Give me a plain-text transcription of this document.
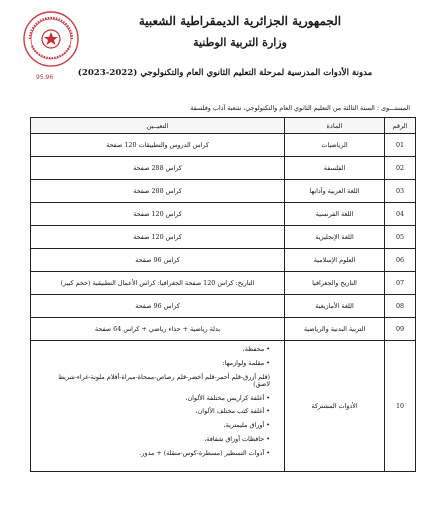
95.96
الجمهورية الجزائرية الديمقراطية الشعبية
وزارة التربية الوطنية
مدونة الأدوات المدرسية لمرحلة التعليم الثانوي العام والتكنولوجي (2022-2023)
المستـــوى : السنة الثالثة من التعليم الثانوي العام والتكنولوجي، شعبة آداب وفلسفة
الرقم
المادة
التعيــين
01
الرياضيات
كراس الدروس والتطبيقات 120 صفحة
02
الفلسفة
كراس 288 صفحة
03
اللغة العربية وآدابها
كراس 288 صفحة
04
اللغة الفرنسية
كراس 120 صفحة
05
اللغة الإنجليزية
كراس 120 صفحة
06
العلوم الإسلامية
كراس 96 صفحة
07
التاريخ والجغرافيا
التاريخ: كراس 120 صفحة الجغرافيا: كراس الأعمال التطبيقية (حجم كبير)
08
اللغة الأمازيغية
كراس 96 صفحة
09
التربية البدنية والرياضية
بدلة رياضية + حذاء رياضي + كراس 64 صفحة
10
الأدوات المشتركة
• محفظة،
• مقلمة ولوازمها:
(قلم أزرق-قلم أحمر-قلم أخضر-قلم رصاص-ممحاة-مبراة-أقلام ملونة-غراء-شريط لاصق)
• أغلفة كراريس مختلفة الألوان،
• أغلفة كتب مختلف الألوان،
• أوراق مليمترية،
• حافظات أوراق شفافة،
• أدوات التسطير (مسطرة-كوس-منقلة) + مدور.
